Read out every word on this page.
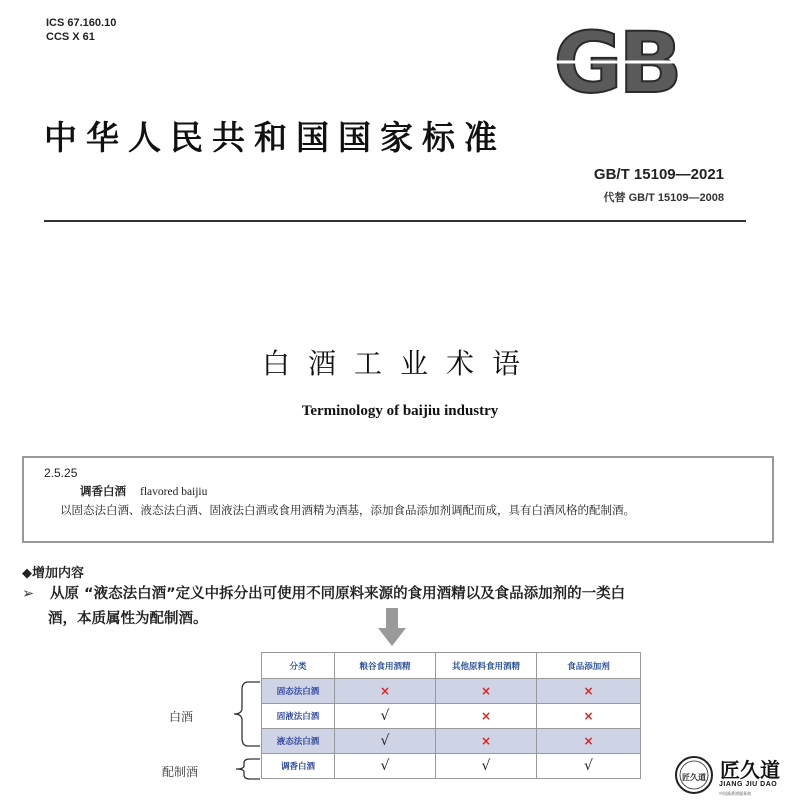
ICS 67.160.10
CCS X 61	GB
中华人民共和国国家标准
GB/T 15109—2021
代替 GB/T 15109—2008
白酒工业术语
Terminology of baijiu industry
2.5.25
调香白酒 flavored baijiu
以固态法白酒、液态法白酒、固液法白酒或食用酒精为酒基，添加食品添加剂调配而成，具有白酒风格的配制酒。
◆增加内容
➢ 从原 “液态法白酒”定义中拆分出可使用不同原料来源的食用酒精以及食品添加剂的一类白
酒，本质属性为配制酒。
分类	粮谷食用酒精	其他原料食用酒精	食品添加剂
固态法白酒	×	×	×
固液法白酒	√	×	×
液态法白酒	√	×	×
调香白酒	√	√	√
白酒
配制酒	匠久道 匠久道
JIANG JIU DAO
中国酱香酒服务商
